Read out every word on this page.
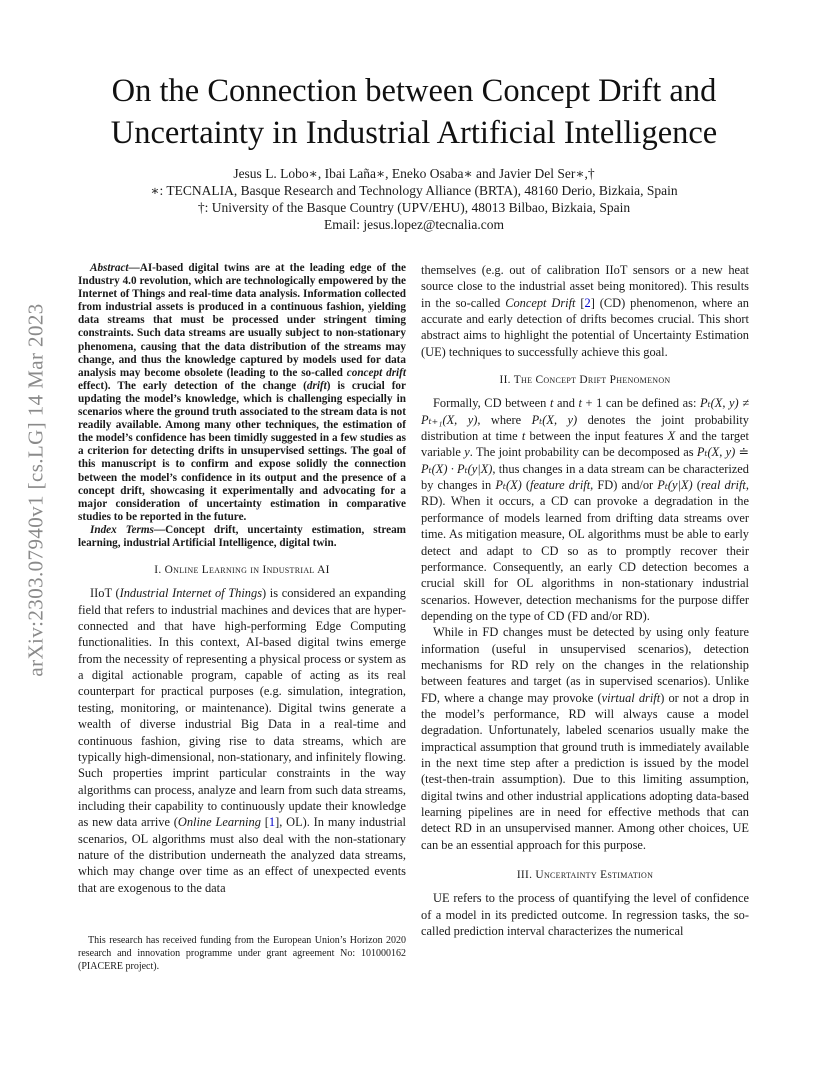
arXiv:2303.07940v1 [cs.LG] 14 Mar 2023
On the Connection between Concept Drift and Uncertainty in Industrial Artificial Intelligence
Jesus L. Lobo∗, Ibai Laña∗, Eneko Osaba∗ and Javier Del Ser∗,†
∗: TECNALIA, Basque Research and Technology Alliance (BRTA), 48160 Derio, Bizkaia, Spain
†: University of the Basque Country (UPV/EHU), 48013 Bilbao, Bizkaia, Spain
Email: jesus.lopez@tecnalia.com

Abstract—AI-based digital twins are at the leading edge of the Industry 4.0 revolution, which are technologically empowered by the Internet of Things and real-time data analysis. Information collected from industrial assets is produced in a continuous fashion, yielding data streams that must be processed under stringent timing constraints. Such data streams are usually subject to non-stationary phenomena, causing that the data distribution of the streams may change, and thus the knowledge captured by models used for data analysis may become obsolete (leading to the so-called concept drift effect). The early detection of the change (drift) is crucial for updating the model’s knowledge, which is challenging especially in scenarios where the ground truth associated to the stream data is not readily available. Among many other techniques, the estimation of the model’s confidence has been timidly suggested in a few studies as a criterion for detecting drifts in unsupervised settings. The goal of this manuscript is to confirm and expose solidly the connection between the model’s confidence in its output and the presence of a concept drift, showcasing it experimentally and advocating for a major consideration of uncertainty estimation in comparative studies to be reported in the future.

Index Terms—Concept drift, uncertainty estimation, stream learning, industrial Artificial Intelligence, digital twin.

I. Online Learning in Industrial AI

IIoT (Industrial Internet of Things) is considered an expanding field that refers to industrial machines and devices that are hyper-connected and that have high-performing Edge Computing functionalities. In this context, AI-based digital twins emerge from the necessity of representing a physical process or system as a digital actionable program, capable of acting as its real counterpart for practical purposes (e.g. simulation, integration, testing, monitoring, or maintenance). Digital twins generate a wealth of diverse industrial Big Data in a real-time and continuous fashion, giving rise to data streams, which are typically high-dimensional, non-stationary, and infinitely flowing. Such properties imprint particular constraints in the way algorithms can process, analyze and learn from such data streams, including their capability to continuously update their knowledge as new data arrive (Online Learning [ 1 ] , OL). In many industrial scenarios, OL algorithms must also deal with the non-stationary nature of the distribution underneath the analyzed data streams, which may change over time as an effect of unexpected events that are exogenous to the data

This research has received funding from the European Union’s Horizon 2020 research and innovation programme under grant agreement No: 101000162 (PIACERE project).

themselves (e.g. out of calibration IIoT sensors or a new heat source close to the industrial asset being monitored). This results in the so-called Concept Drift [ 2 ] (CD) phenomenon, where an accurate and early detection of drifts becomes crucial. This short abstract aims to highlight the potential of Uncertainty Estimation (UE) techniques to successfully achieve this goal.

II. The Concept Drift Phenomenon

Formally, CD between t and t + 1 can be defined as: Pₜ(X, y) ≠ Pₜ₊₁(X, y), where Pₜ(X, y) denotes the joint probability distribution at time t between the input features X and the target variable y. The joint probability can be decomposed as Pₜ(X, y) ≐ Pₜ(X) · Pₜ(y|X), thus changes in a data stream can be characterized by changes in Pₜ(X) (feature drift, FD) and/or Pₜ(y|X) (real drift, RD). When it occurs, a CD can provoke a degradation in the performance of models learned from drifting data streams over time. As mitigation measure, OL algorithms must be able to early detect and adapt to CD so as to promptly recover their performance. Consequently, an early CD detection becomes a crucial skill for OL algorithms in non-stationary industrial scenarios. However, detection mechanisms for the purpose differ depending on the type of CD (FD and/or RD).

While in FD changes must be detected by using only feature information (useful in unsupervised scenarios), detection mechanisms for RD rely on the changes in the relationship between features and target (as in supervised scenarios). Unlike FD, where a change may provoke (virtual drift) or not a drop in the model’s performance, RD will always cause a model degradation. Unfortunately, labeled scenarios usually make the impractical assumption that ground truth is immediately available in the next time step after a prediction is issued by the model (test-then-train assumption). Due to this limiting assumption, digital twins and other industrial applications adopting data-based learning pipelines are in need for effective methods that can detect RD in an unsupervised manner. Among other choices, UE can be an essential approach for this purpose.

III. Uncertainty Estimation

UE refers to the process of quantifying the level of confidence of a model in its predicted outcome. In regression tasks, the so-called prediction interval characterizes the numerical
